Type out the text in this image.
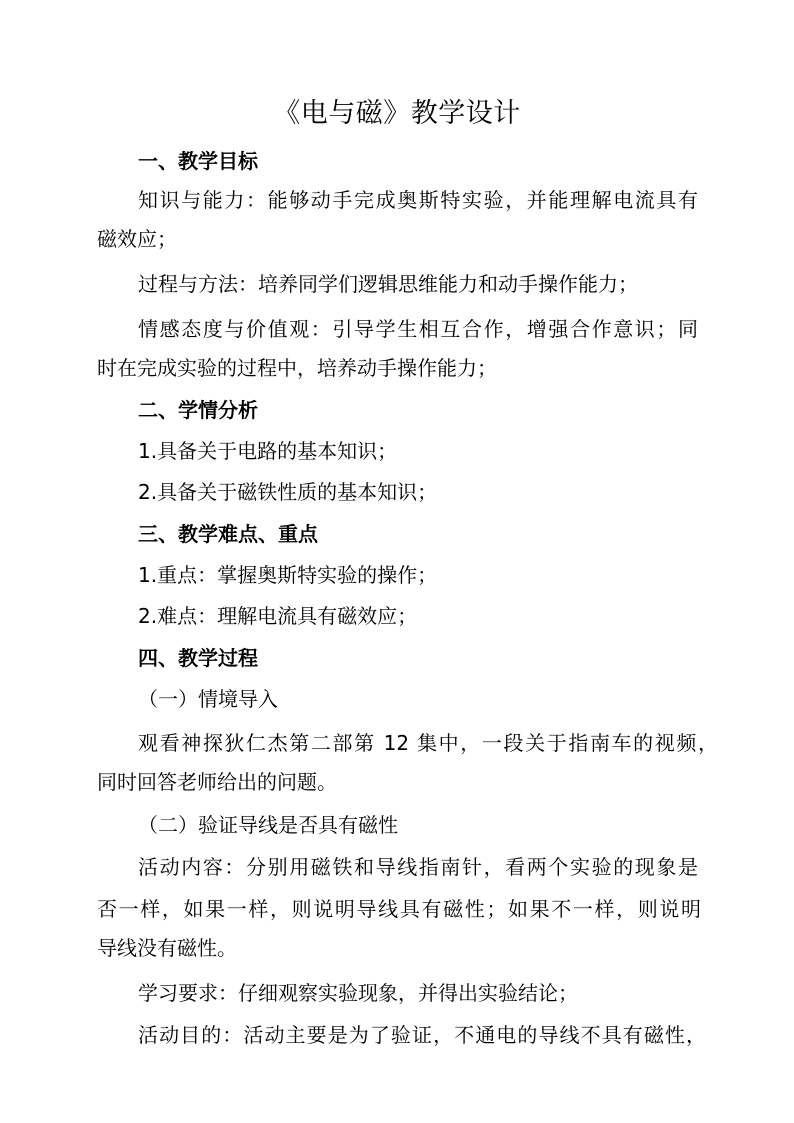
《电与磁》教学设计
一、教学目标
知识与能力：能够动手完成奥斯特实验，并能理解电流具有
磁效应；
过程与方法：培养同学们逻辑思维能力和动手操作能力；
情感态度与价值观：引导学生相互合作，增强合作意识；同
时在完成实验的过程中，培养动手操作能力；
二、学情分析
1.具备关于电路的基本知识；
2.具备关于磁铁性质的基本知识；
三、教学难点、重点
1.重点：掌握奥斯特实验的操作；
2.难点：理解电流具有磁效应；
四、教学过程
（一）情境导入
观看神探狄仁杰第二部第 12 集中，一段关于指南车的视频，
同时回答老师给出的问题。
（二）验证导线是否具有磁性
活动内容：分别用磁铁和导线指南针，看两个实验的现象是
否一样，如果一样，则说明导线具有磁性；如果不一样，则说明
导线没有磁性。
学习要求：仔细观察实验现象，并得出实验结论；
活动目的：活动主要是为了验证，不通电的导线不具有磁性，
